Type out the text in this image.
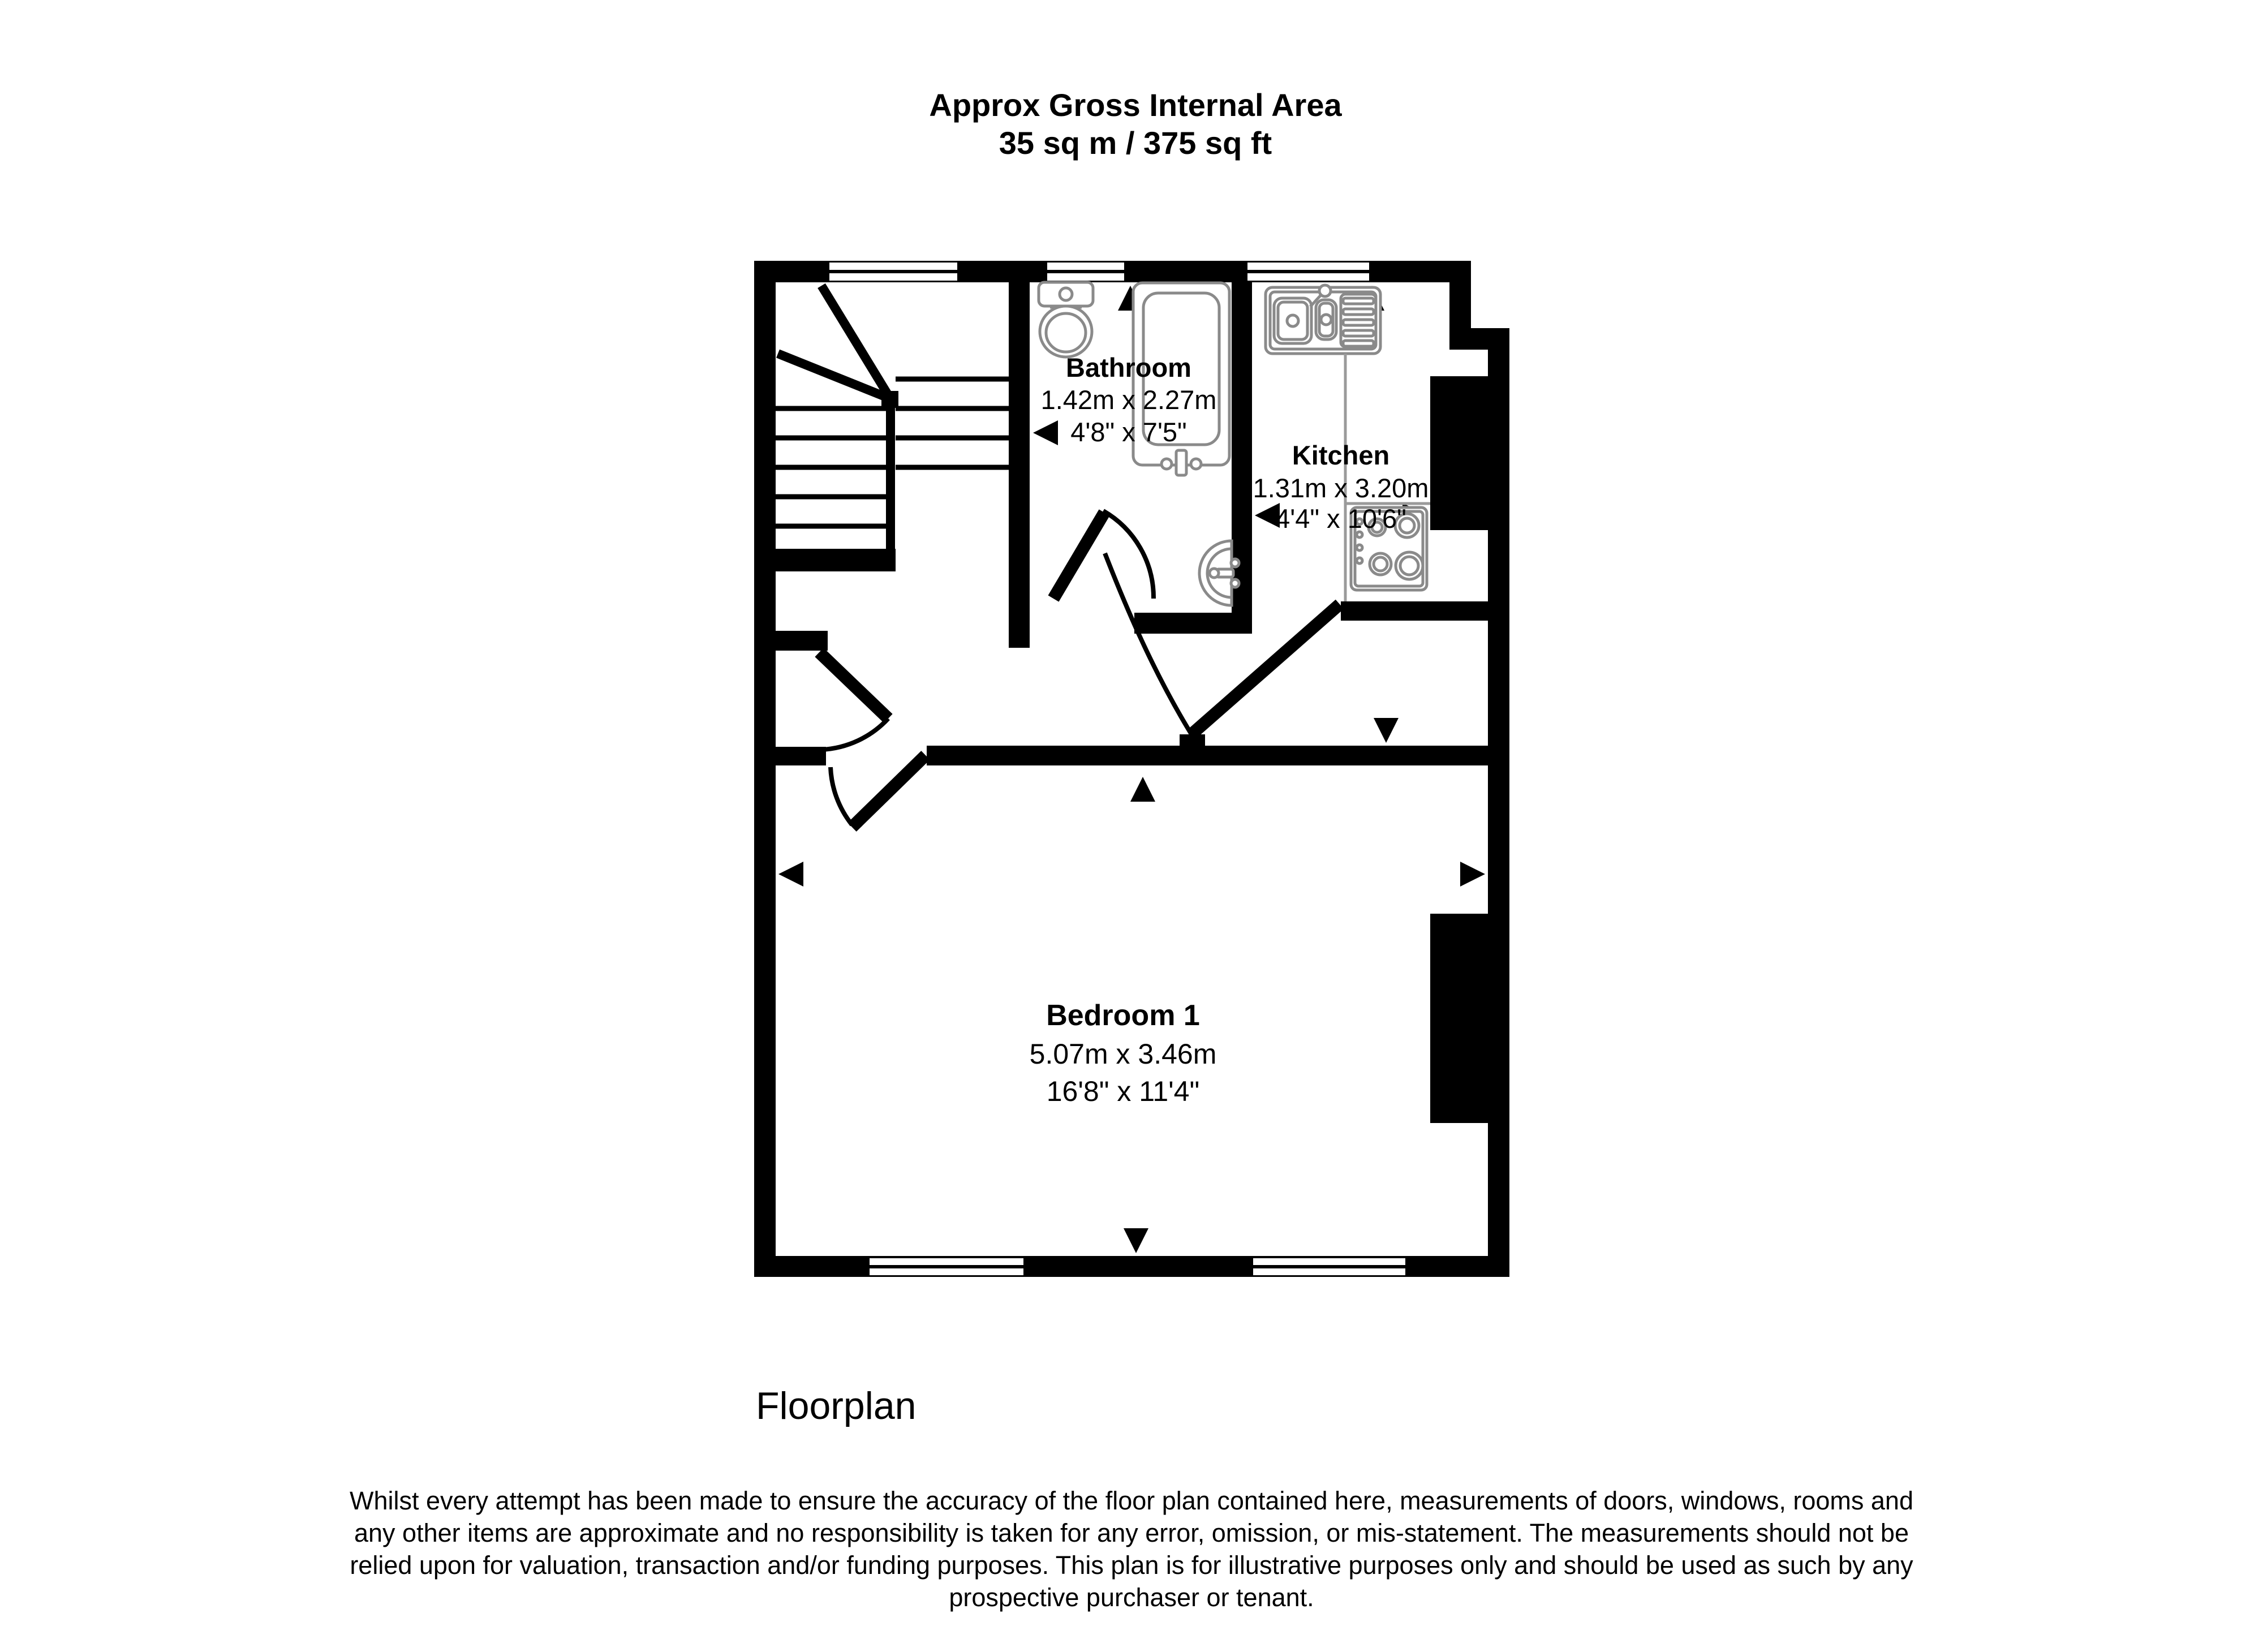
Approx Gross Internal Area
35 sq m / 375 sq ft
Bathroom
1.42m x 2.27m
4'8" x 7'5"
Kitchen
1.31m x 3.20m
4'4" x 10'6"
Bedroom 1
5.07m x 3.46m
16'8" x 11'4"
Floorplan
Whilst every attempt has been made to ensure the accuracy of the floor plan contained here, measurements of doors, windows, rooms and
any other items are approximate and no responsibility is taken for any error, omission, or mis-statement. The measurements should not be
relied upon for valuation, transaction and/or funding purposes. This plan is for illustrative purposes only and should be used as such by any
prospective purchaser or tenant.
